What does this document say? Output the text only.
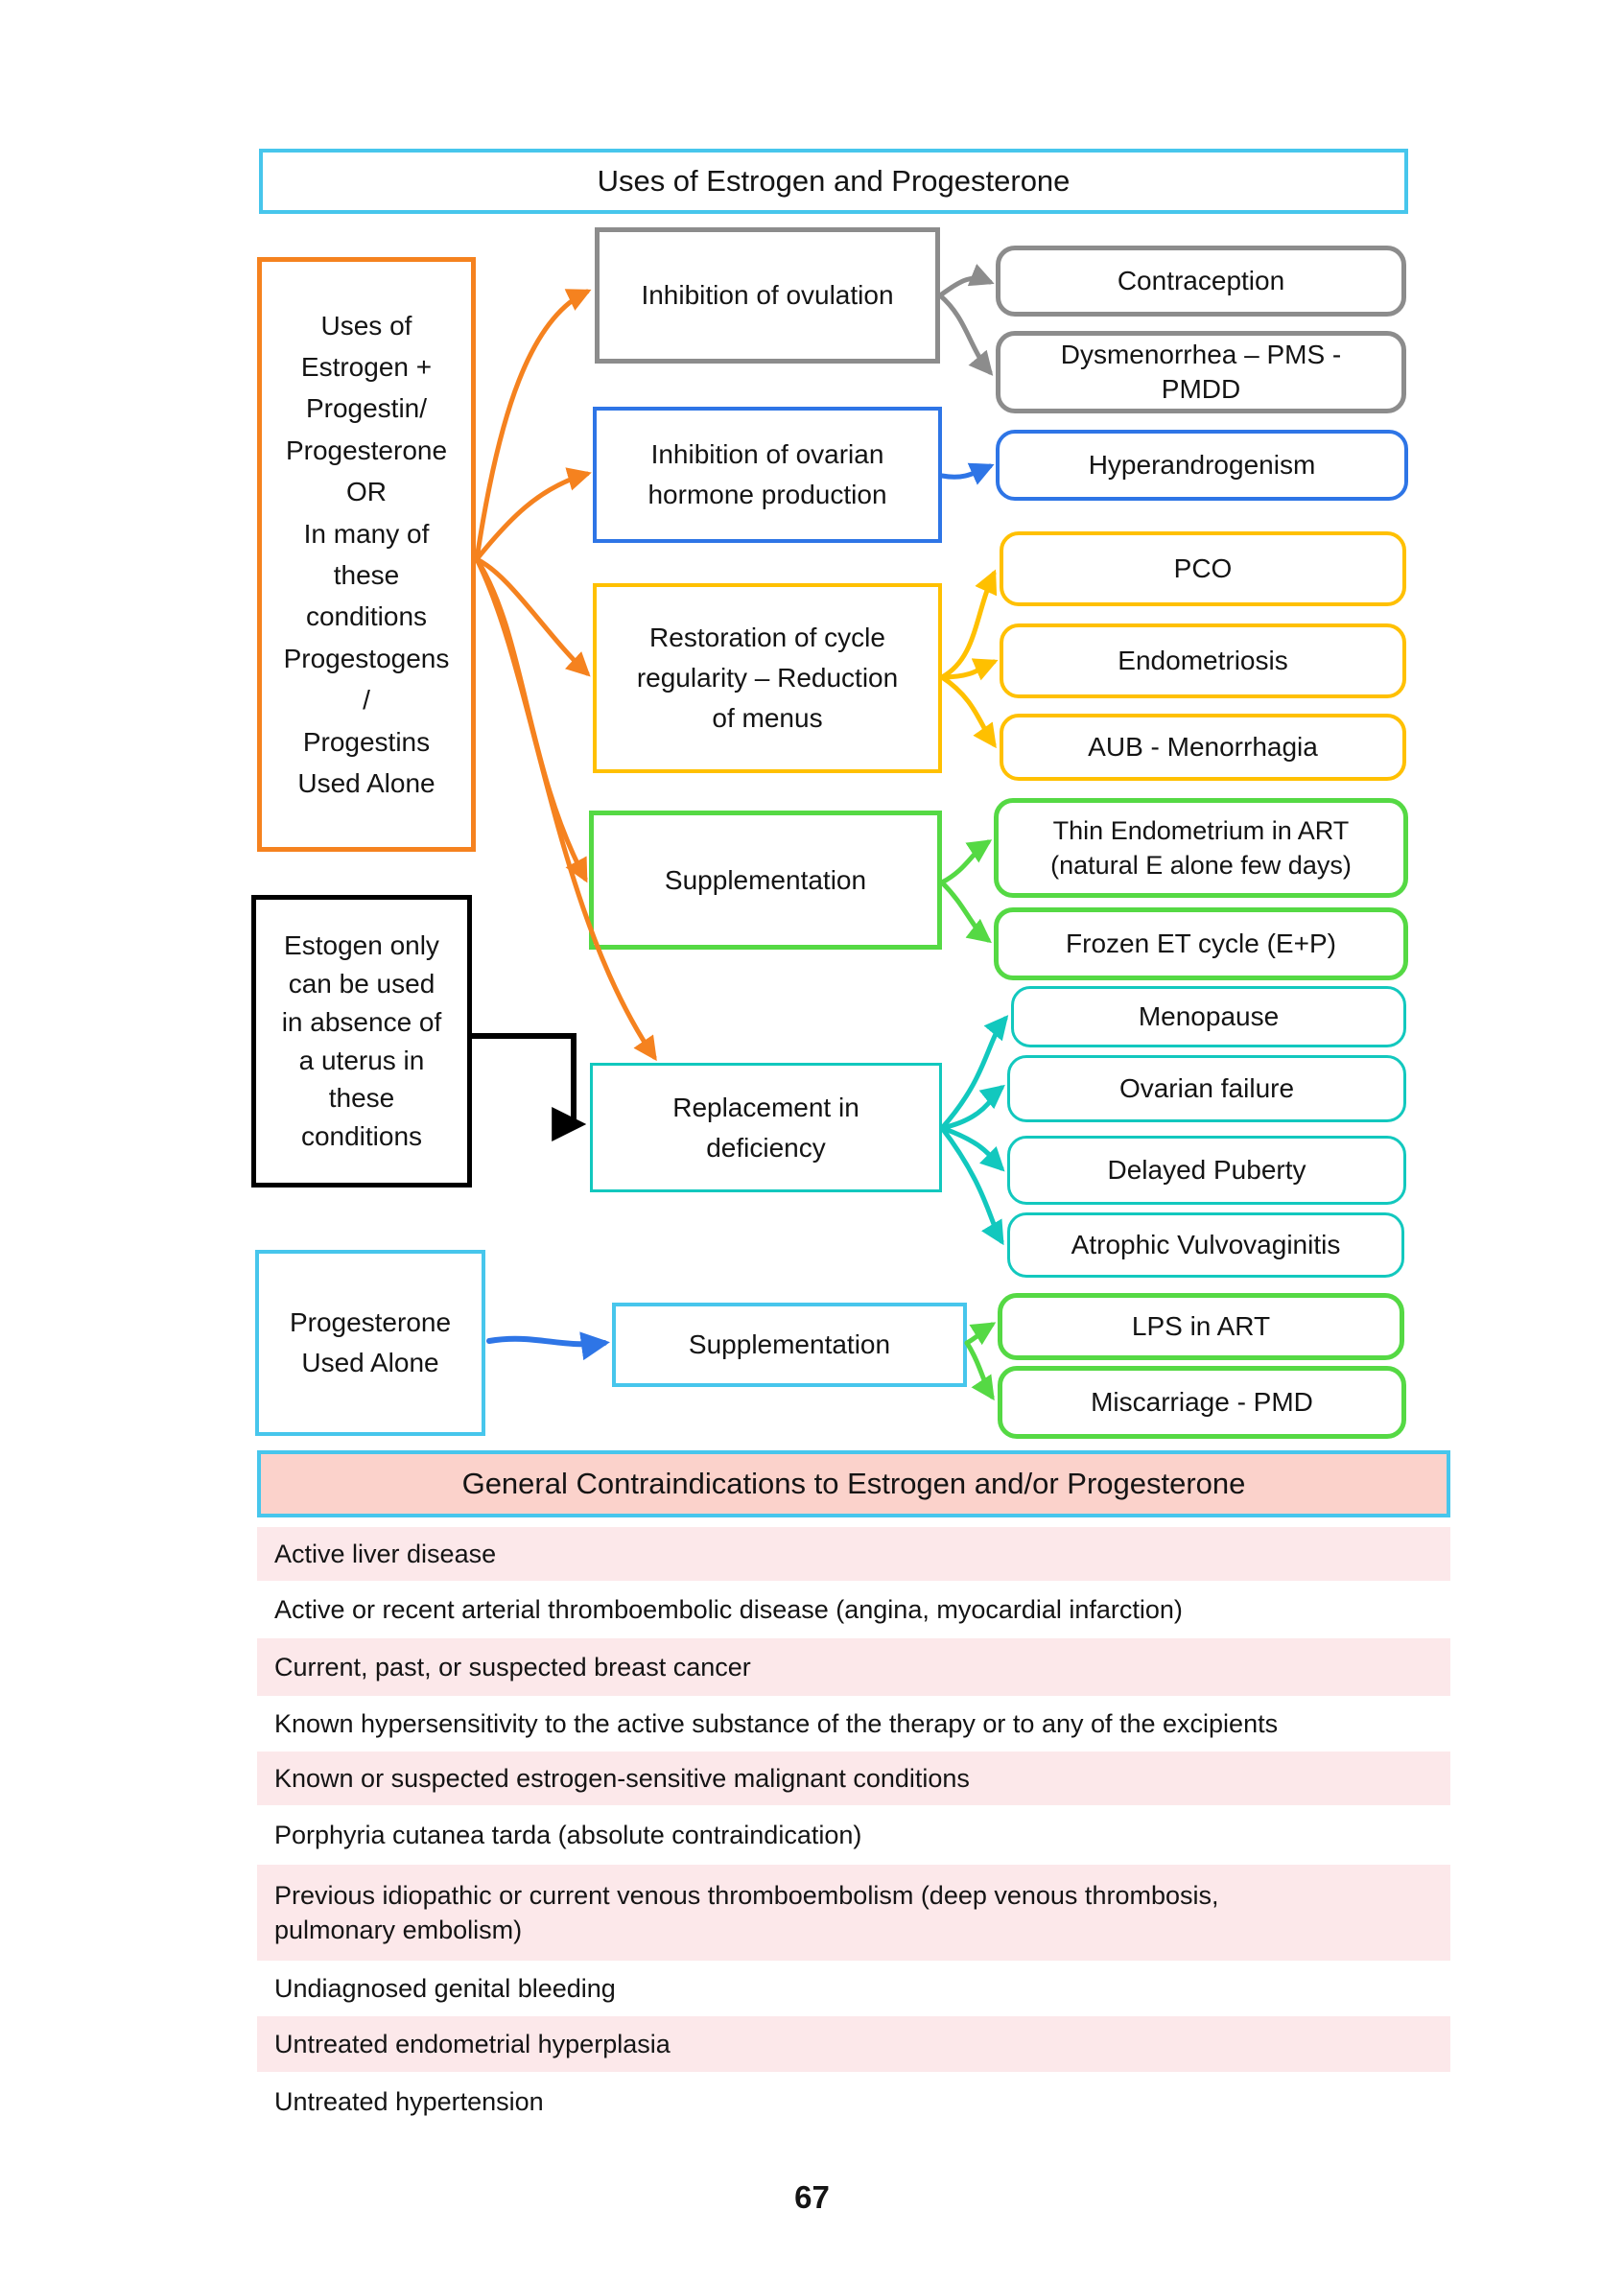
Uses of Estrogen and Progesterone
Uses of
Estrogen +
Progestin/
Progesterone
OR
In many of
these
conditions
Progestogens
/
Progestins
Used Alone
Estogen only
can be used
in absence of
a uterus in
these
conditions
Progesterone
Used Alone
Inhibition of ovulation
Inhibition of ovarian
hormone production
Restoration of cycle
regularity – Reduction
of menus
Supplementation
Replacement in
deficiency
Supplementation
Contraception
Dysmenorrhea – PMS -
PMDD
Hyperandrogenism
PCO
Endometriosis
AUB - Menorrhagia
Thin Endometrium in ART
(natural E alone few days)
Frozen ET cycle (E+P)
Menopause
Ovarian failure
Delayed Puberty
Atrophic Vulvovaginitis
LPS in ART
Miscarriage - PMD
General Contraindications to Estrogen and/or Progesterone
Active liver disease
Active or recent arterial thromboembolic disease (angina, myocardial infarction)
Current, past, or suspected breast cancer
Known hypersensitivity to the active substance of the therapy or to any of the excipients
Known or suspected estrogen-sensitive malignant conditions
Porphyria cutanea tarda (absolute contraindication)
Previous idiopathic or current venous thromboembolism (deep venous thrombosis,
pulmonary embolism)
Undiagnosed genital bleeding
Untreated endometrial hyperplasia
Untreated hypertension
67
